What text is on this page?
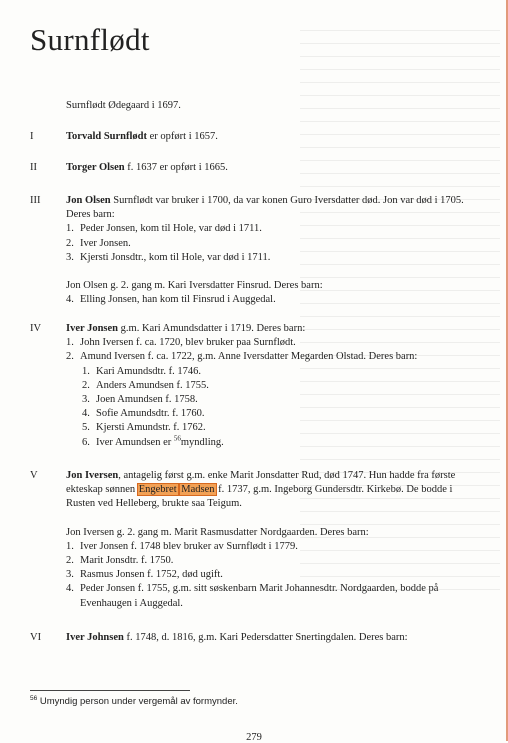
Surnflødt
Surnflødt Ødegaard i 1697.
I	Torvald Surnflødt er opført i 1657.

II	Torger Olsen f. 1637 er opført i 1665.

III Jon Olsen Surnflødt var bruker i 1700, da var konen Guro Iversdatter død. Jon var død i 1705. Deres barn:

1. Peder Jonsen, kom til Hole, var død i 1711.
2. Iver Jonsen.
3. Kjersti Jonsdtr., kom til Hole, var død i 1711.

Jon Olsen g. 2. gang m. Kari Iversdatter Finsrud. Deres barn:

4. Elling Jonsen, han kom til Finsrud i Auggedal.
IV Iver Jonsen g.m. Kari Amundsdatter i 1719. Deres barn:

1. John Iversen f. ca. 1720, blev bruker paa Surnflødt.
2. Amund Iversen f. ca. 1722, g.m. Anne Iversdatter Megarden Olstad. Deres barn:
1. Kari Amundsdtr. f. 1746.
2. Anders Amundsen f. 1755.
3. Joen Amundsen f. 1758.
4. Sofie Amundsdtr. f. 1760.
5. Kjersti Amundstr. f. 1762.
6. Iver Amundsen er $^{56}$myndling.
V	Jon Iversen, antagelig først g.m. enke Marit Jonsdatter Rud, død 1747. Hun hadde fra første ekteskap sønnen Engebret Madsen f. 1737, g.m. Ingeborg Gundersdtr. Kirkebø. De bodde i Rusten ved Helleberg, brukte saa Teigum.

Jon Iversen g. 2. gang m. Marit Rasmusdatter Nordgaarden. Deres barn:

1. Iver Jonsen f. 1748 blev bruker av Surnflødt i 1779.
2. Marit Jonsdtr. f. 1750.
3. Rasmus Jonsen f. 1752, død ugift.
4. Peder Jonsen f. 1755, g.m. sitt søskenbarn Marit Johannesdtr. Nordgaarden, bodde på Evenhaugen i Auggedal.
VI Iver Johnsen f. 1748, d. 1816, g.m. Kari Pedersdatter Snertingdalen. Deres barn:

$^{56}$ Umyndig person under vergemål av formynder.
279
